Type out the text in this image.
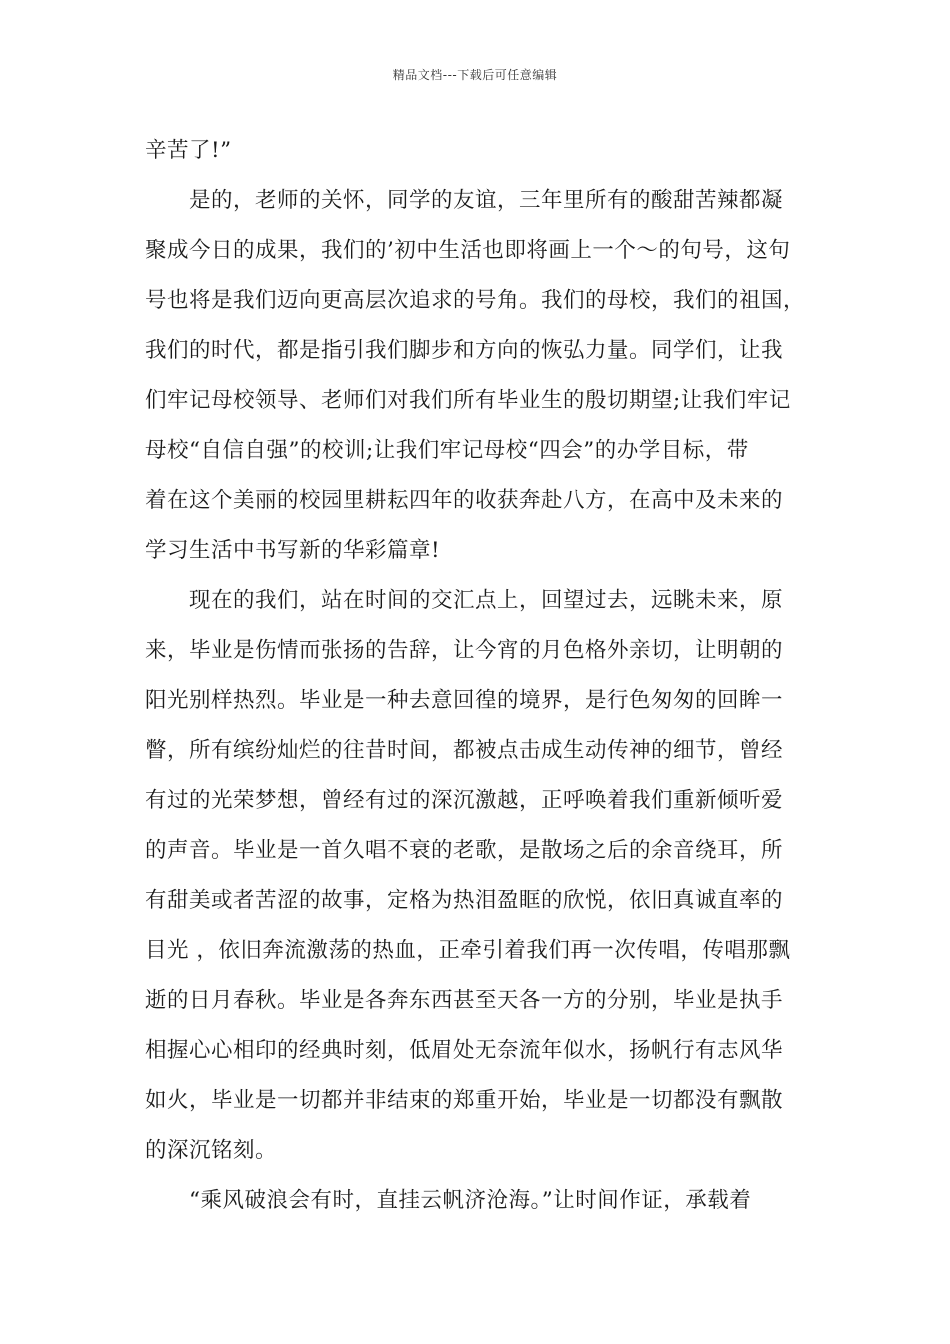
精品文档---下载后可任意编辑
辛苦了!”
是的，老师的关怀，同学的友谊，三年里所有的酸甜苦辣都凝
聚成今日的成果，我们的’初中生活也即将画上一个～的句号，这句
号也将是我们迈向更高层次追求的号角。我们的母校，我们的祖国，
我们的时代，都是指引我们脚步和方向的恢弘力量。同学们，让我
们牢记母校领导、老师们对我们所有毕业生的殷切期望;让我们牢记
母校“自信自强”的校训;让我们牢记母校“四会”的办学目标，带
着在这个美丽的校园里耕耘四年的收获奔赴八方，在高中及未来的
学习生活中书写新的华彩篇章!
现在的我们，站在时间的交汇点上，回望过去，远眺未来，原
来，毕业是伤情而张扬的告辞，让今宵的月色格外亲切，让明朝的
阳光别样热烈。毕业是一种去意回徨的境界，是行色匆匆的回眸一
瞥，所有缤纷灿烂的往昔时间，都被点击成生动传神的细节，曾经
有过的光荣梦想，曾经有过的深沉激越，正呼唤着我们重新倾听爱
的声音。毕业是一首久唱不衰的老歌，是散场之后的余音绕耳，所
有甜美或者苦涩的故事，定格为热泪盈眶的欣悦，依旧真诚直率的
目光 ，依旧奔流激荡的热血，正牵引着我们再一次传唱，传唱那飘
逝的日月春秋。毕业是各奔东西甚至天各一方的分别，毕业是执手
相握心心相印的经典时刻，低眉处无奈流年似水，扬帆行有志风华
如火，毕业是一切都并非结束的郑重开始，毕业是一切都没有飘散
的深沉铭刻。
“乘风破浪会有时，直挂云帆济沧海。”让时间作证，承载着
